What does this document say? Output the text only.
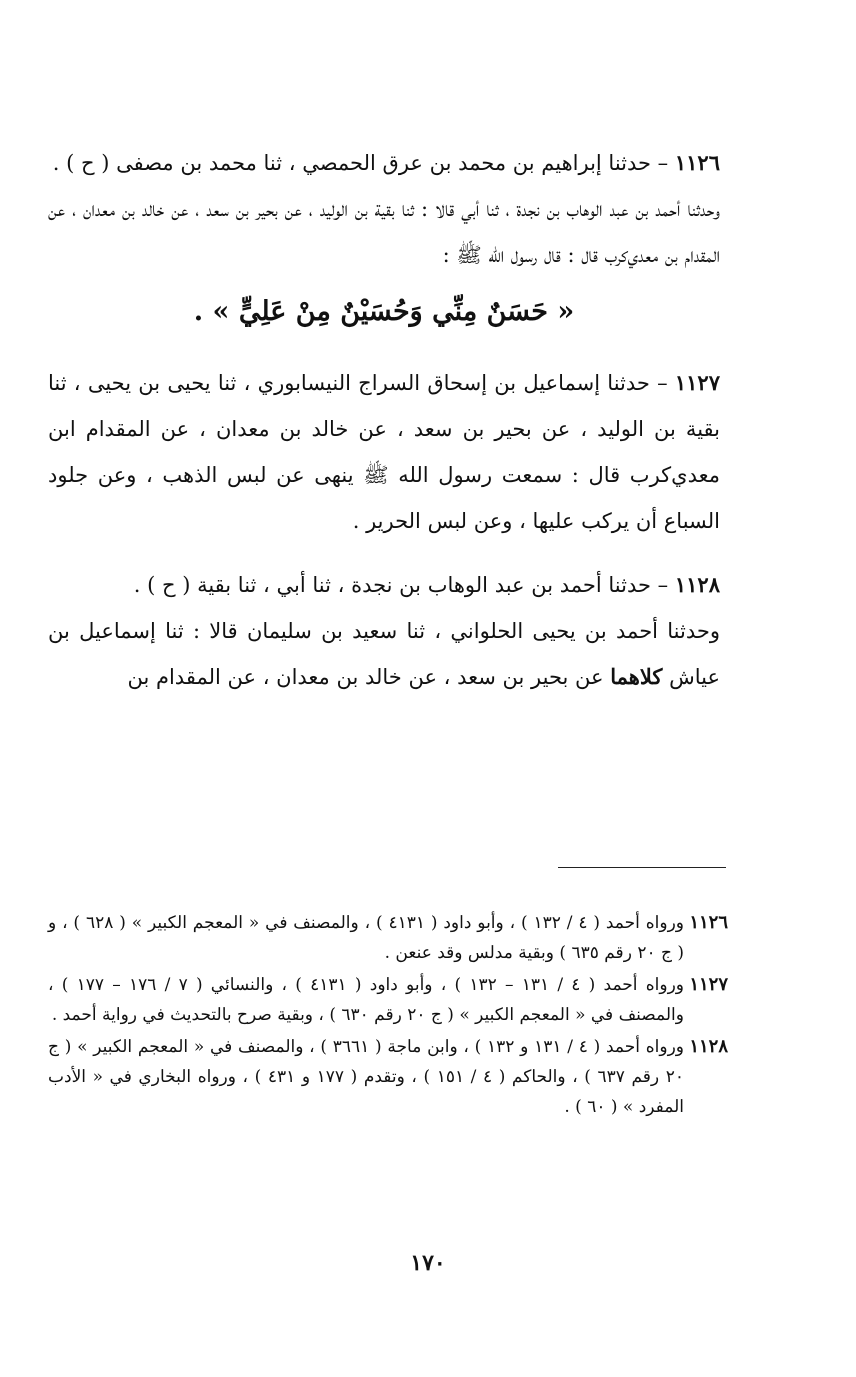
١١٢٦ – حدثنا إبراهيم بن محمد بن عرق الحمصي ، ثنا محمد بن مصفى ( ح ) .

وحدثنا أحمد بن عبد الوهاب بن نجدة ، ثنا أبي قالا : ثنا بقية بن الوليد ، عن بحير بن سعد ، عن خالد بن معدان ، عن المقدام بن معدي‌كرب قال : قال رسول الله ﷺ :

« حَسَنٌ مِنِّي وَحُسَيْنٌ مِنْ عَلِيٍّ » .

١١٢٧ – حدثنا إسماعيل بن إسحاق السراج النيسابوري ، ثنا يحيى بن يحيى ، ثنا بقية بن الوليد ، عن بحير بن سعد ، عن خالد بن معدان ، عن المقدام ابن معدي‌كرب قال : سمعت رسول الله ﷺ ينهى عن لبس الذهب ، وعن جلود السباع أن يركب عليها ، وعن لبس الحرير .

١١٢٨ – حدثنا أحمد بن عبد الوهاب بن نجدة ، ثنا أبي ، ثنا بقية ( ح ) .

وحدثنا أحمد بن يحيى الحلواني ، ثنا سعيد بن سليمان قالا : ثنا إسماعيل بن عياش كلاهما عن بحير بن سعد ، عن خالد بن معدان ، عن المقدام بن

١١٢٦
ورواه أحمد ( ٤ / ١٣٢ ) ، وأبو داود ( ٤١٣١ ) ، والمصنف في « المعجم الكبير » ( ٦٢٨ ) ، و ( ج ٢٠ رقم ٦٣٥ ) وبقية مدلس وقد عنعن .

١١٢٧
ورواه أحمد ( ٤ / ١٣١ – ١٣٢ ) ، وأبو داود ( ٤١٣١ ) ، والنسائي ( ٧ / ١٧٦ – ١٧٧ ) ، والمصنف في « المعجم الكبير » ( ج ٢٠ رقم ٦٣٠ ) ، وبقية صرح بالتحديث في رواية أحمد .

١١٢٨
ورواه أحمد ( ٤ / ١٣١ و ١٣٢ ) ، وابن ماجة ( ٣٦٦١ ) ، والمصنف في « المعجم الكبير » ( ج ٢٠ رقم ٦٣٧ ) ، والحاكم ( ٤ / ١٥١ ) ، وتقدم ( ١٧٧ و ٤٣١ ) ، ورواه البخاري في « الأدب المفرد » ( ٦٠ ) .

١٧٠
